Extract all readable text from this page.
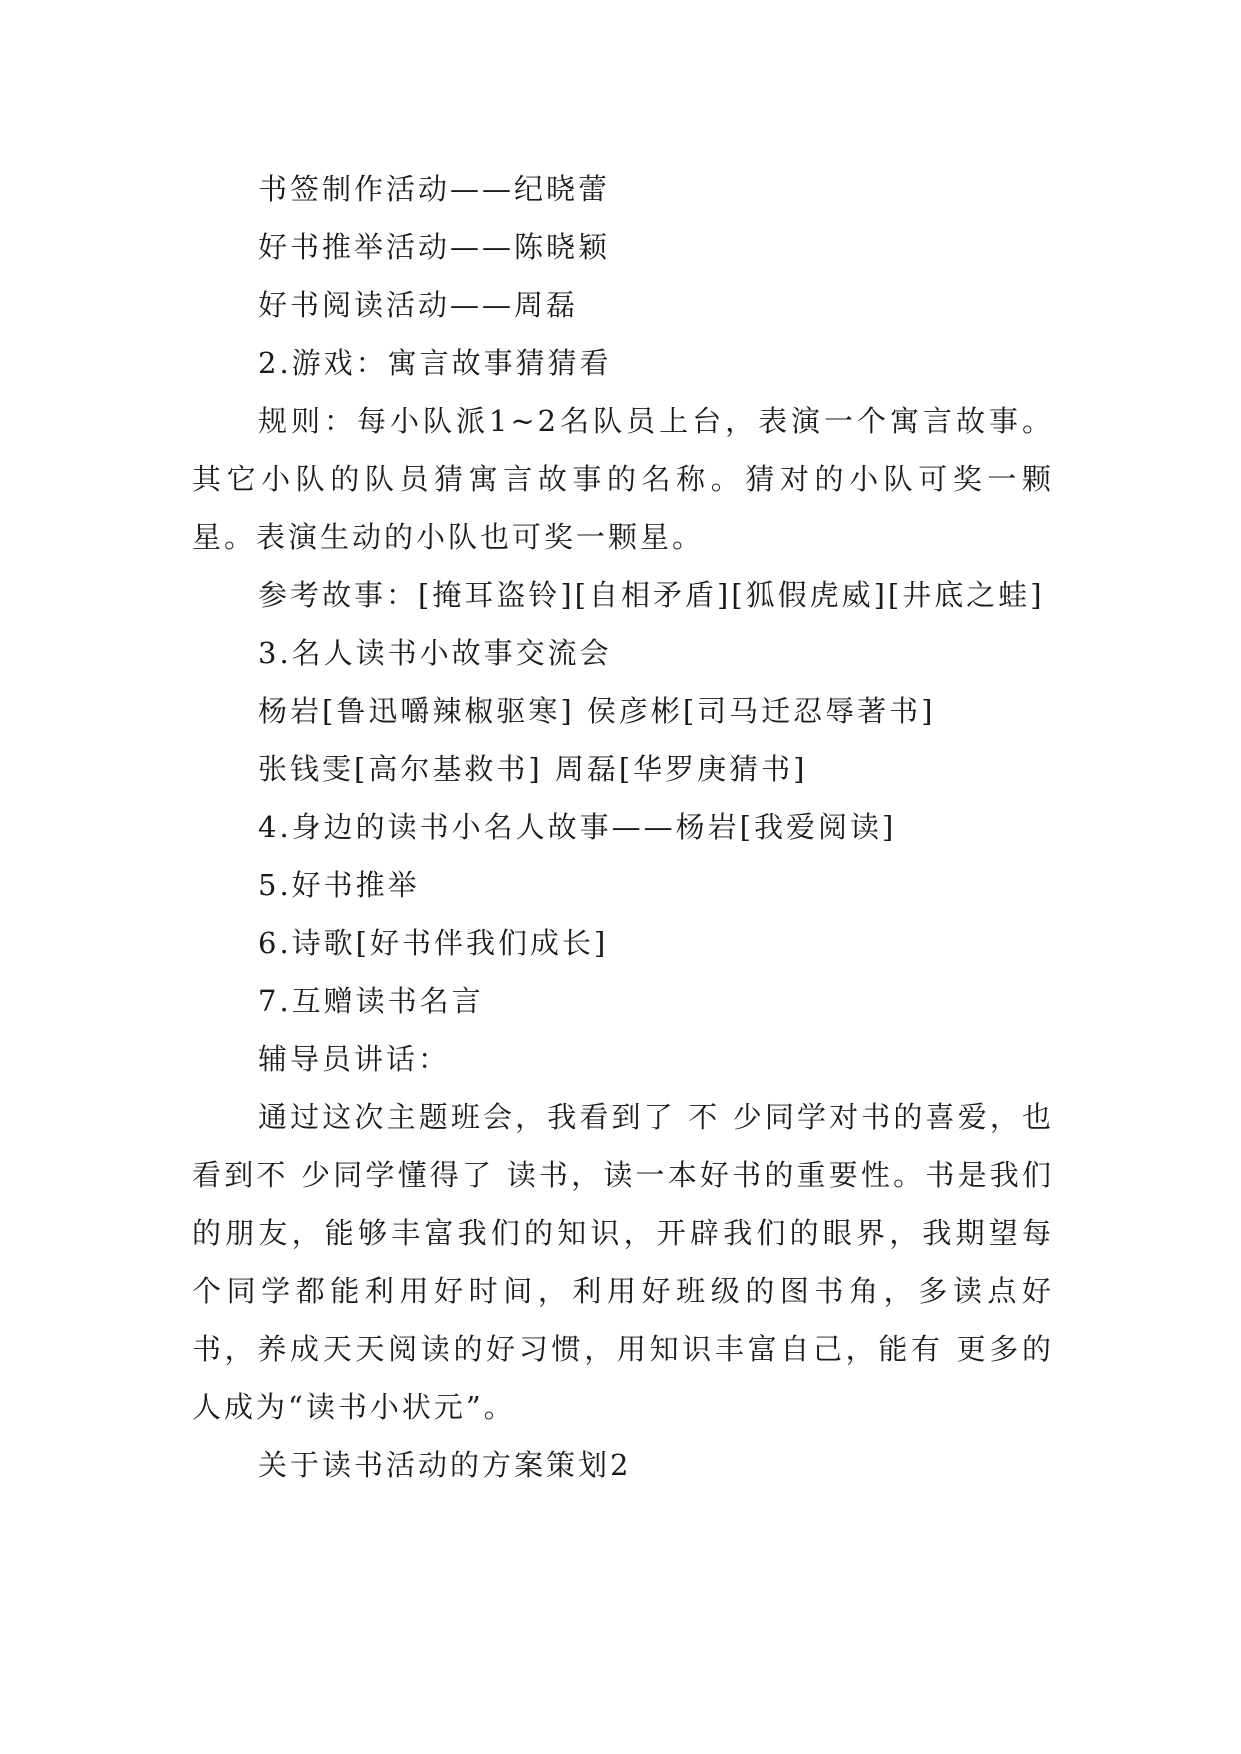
书签制作活动——纪晓蕾

好书推举活动——陈晓颖

好书阅读活动——周磊

2.游戏：寓言故事猜猜看

规则：每小队派1~2名队员上台，表演一个寓言故事。其它小队的队员猜寓言故事的名称。猜对的小队可奖一颗星。表演生动的小队也可奖一颗星。

参考故事：[掩耳盗铃][自相矛盾][狐假虎威][井底之蛙]

3.名人读书小故事交流会

杨岩[鲁迅嚼辣椒驱寒] 侯彦彬[司马迁忍辱著书]

张钱雯[高尔基救书] 周磊[华罗庚猜书]

4.身边的读书小名人故事——杨岩[我爱阅读]

5.好书推举

6.诗歌[好书伴我们成长]

7.互赠读书名言

辅导员讲话：

通过这次主题班会，我看到了 不 少同学对书的喜爱，也看到不 少同学懂得了 读书，读一本好书的重要性。书是我们的朋友，能够丰富我们的知识，开辟我们的眼界，我期望每个同学都能利用好时间，利用好班级的图书角，多读点好书，养成天天阅读的好习惯，用知识丰富自己，能有 更多的人成为“读书小状元”。

关于读书活动的方案策划2
